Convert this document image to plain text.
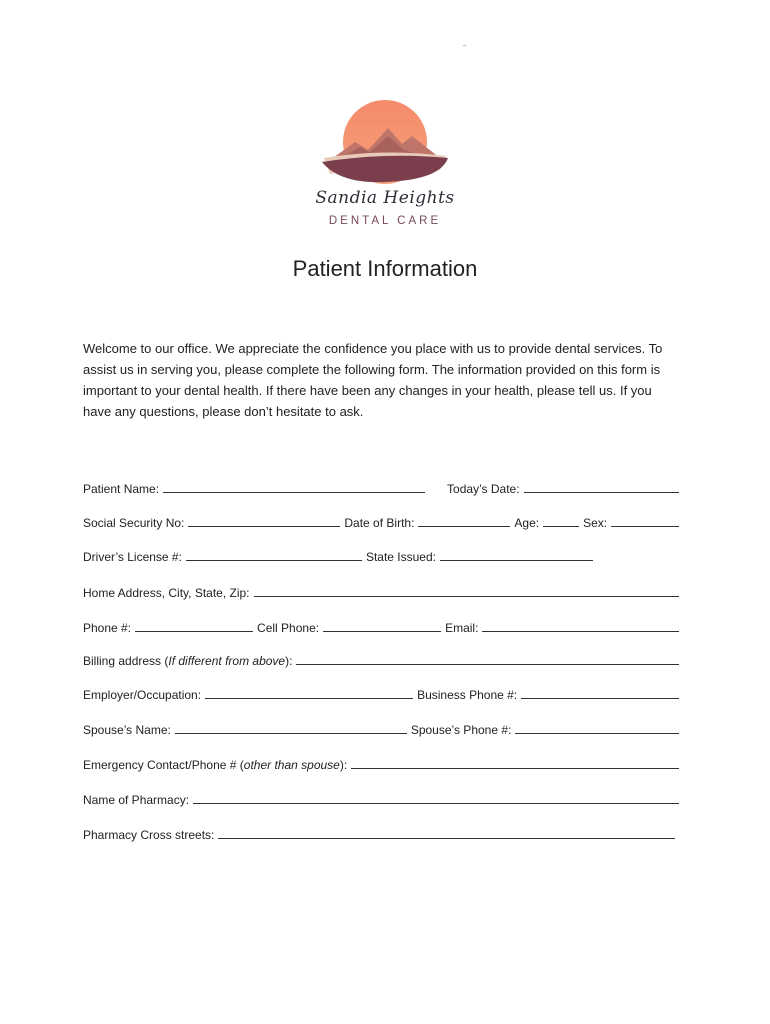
Sandia Heights
DENTAL CARE
Patient Information

Welcome to our office. We appreciate the confidence you place with us to provide dental services. To assist us in serving you, please complete the following form. The information provided on this form is important to your dental health. If there have been any changes in your health, please tell us. If you have any questions, please don’t hesitate to ask.

Patient Name:	Today’s Date:
Social Security No:	Date of Birth:	Age:	Sex:
Driver’s License #:	State Issued:
Home Address, City, State, Zip:
Phone #:	Cell Phone:	Email:
Billing address ( If different from above ):
Employer/Occupation:	Business Phone #:
Spouse’s Name:	Spouse’s Phone #:
Emergency Contact/Phone # ( other than spouse ):
Name of Pharmacy:
Pharmacy Cross streets:
